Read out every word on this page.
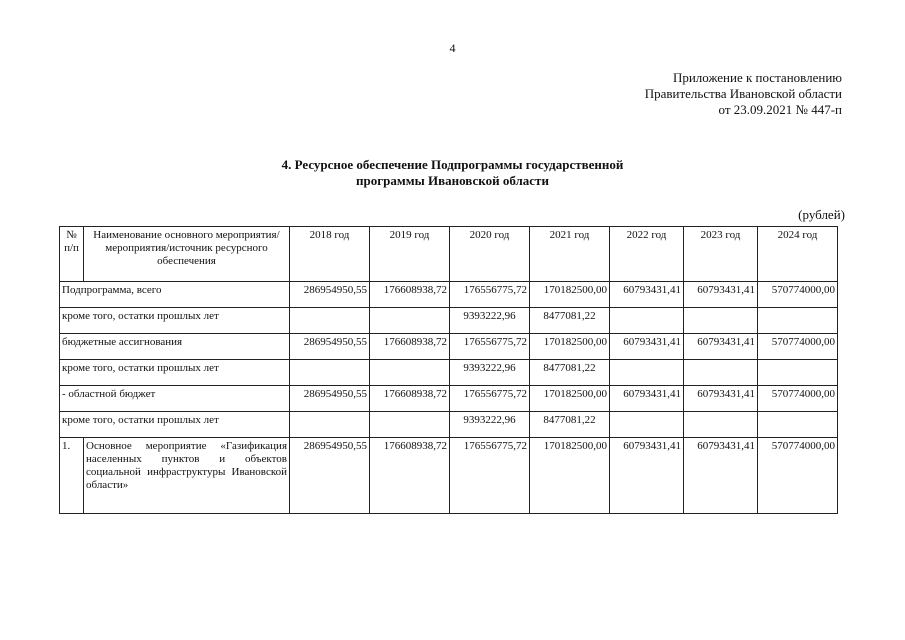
4
Приложение к постановлению
Правительства Ивановской области
от 23.09.2021 № 447-п
4. Ресурсное обеспечение Подпрограммы государственной
программы Ивановской области
(рублей)
№ п/п	Наименование основного мероприятия/мероприятия/источник ресурсного обеспечения	2018 год	2019 год	2020 год	2021 год	2022 год	2023 год	2024 год
Подпрограмма, всего		286954950,55	176608938,72	176556775,72	170182500,00	60793431,41	60793431,41	570774000,00
кроме того, остатки прошлых лет				9393222,96	8477081,22			
бюджетные ассигнования		286954950,55	176608938,72	176556775,72	170182500,00	60793431,41	60793431,41	570774000,00
кроме того, остатки прошлых лет				9393222,96	8477081,22			
- областной бюджет		286954950,55	176608938,72	176556775,72	170182500,00	60793431,41	60793431,41	570774000,00
кроме того, остатки прошлых лет				9393222,96	8477081,22			
1.	Основное мероприятие «Газификация населенных пунктов и объектов социальной инфраструктуры Ивановской области»	286954950,55	176608938,72	176556775,72	170182500,00	60793431,41	60793431,41	570774000,00
